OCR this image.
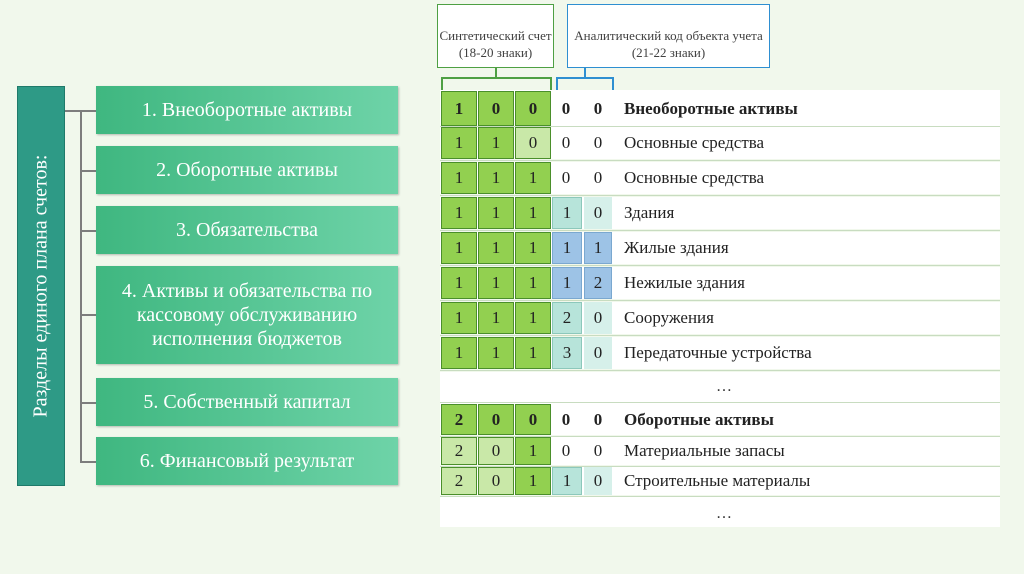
Разделы единого плана счетов:
1. Внеоборотные активы
2. Оборотные активы
3. Обязательства
4. Активы и обязательства по кассовому обслуживанию исполнения бюджетов
5. Собственный капитал
6. Финансовый результат

Синтетический счет
(18-20 знаки)

Аналитический код объекта учета
(21-22 знаки)

1	0	0	0	0	Внеоборотные активы
1	1	0	0	0	Основные средства
1	1	1	0	0	Основные средства
1	1	1	1	0	Здания
1	1	1	1	1	Жилые здания
1	1	1	1	2	Нежилые здания
1	1	1	2	0	Сооружения
1	1	1	3	0	Передаточные устройства
…
2	0	0	0	0	Оборотные активы
2	0	1	0	0	Материальные запасы
2	0	1	1	0	Строительные материалы
…
